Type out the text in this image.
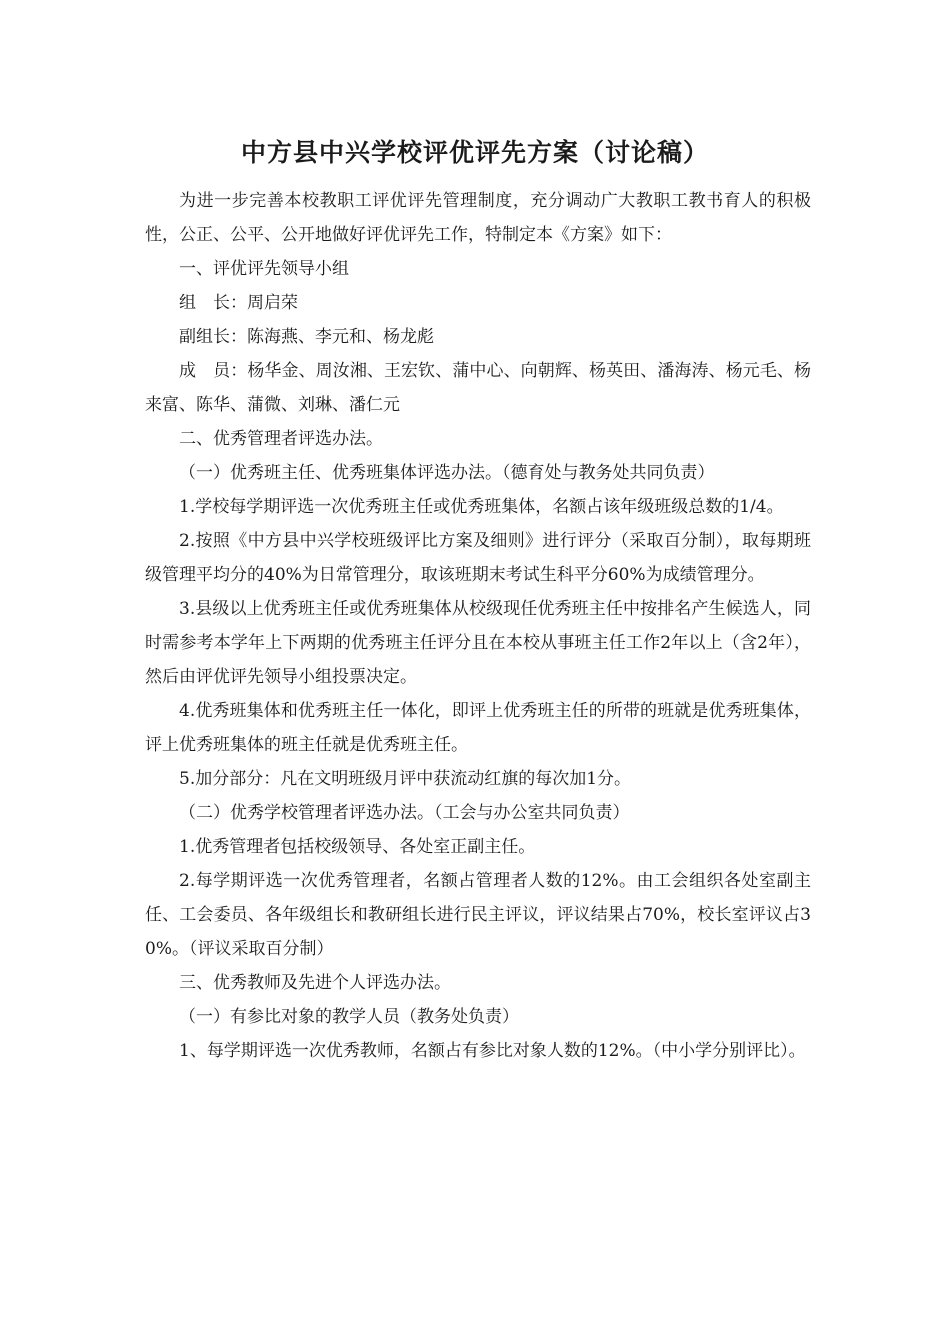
中方县中兴学校评优评先方案（讨论稿）

为进一步完善本校教职工评优评先管理制度，充分调动广大教职工教书育人的积极性，公正、公平、公开地做好评优评先工作，特制定本《方案》如下：

一、评优评先领导小组

组　长：周启荣

副组长：陈海燕、李元和、杨龙彪

成　员：杨华金、周汝湘、王宏钦、蒲中心、向朝辉、杨英田、潘海涛、杨元毛、杨来富、陈华、蒲微、刘琳、潘仁元

二、优秀管理者评选办法。

（一）优秀班主任、优秀班集体评选办法。（德育处与教务处共同负责）

1.学校每学期评选一次优秀班主任或优秀班集体，名额占该年级班级总数的1/4。

2.按照《中方县中兴学校班级评比方案及细则》进行评分（采取百分制），取每期班级管理平均分的40%为日常管理分，取该班期末考试生科平分60%为成绩管理分。

3.县级以上优秀班主任或优秀班集体从校级现任优秀班主任中按排名产生候选人，同时需参考本学年上下两期的优秀班主任评分且在本校从事班主任工作2年以上（含2年），然后由评优评先领导小组投票决定。

4.优秀班集体和优秀班主任一体化，即评上优秀班主任的所带的班就是优秀班集体，评上优秀班集体的班主任就是优秀班主任。

5.加分部分：凡在文明班级月评中获流动红旗的每次加1分。

（二）优秀学校管理者评选办法。（工会与办公室共同负责）

1.优秀管理者包括校级领导、各处室正副主任。

2.每学期评选一次优秀管理者，名额占管理者人数的12%。由工会组织各处室副主任、工会委员、各年级组长和教研组长进行民主评议，评议结果占70%，校长室评议占30%。（评议采取百分制）

三、优秀教师及先进个人评选办法。

（一）有参比对象的教学人员（教务处负责）

1、每学期评选一次优秀教师，名额占有参比对象人数的12%。（中小学分别评比）。
